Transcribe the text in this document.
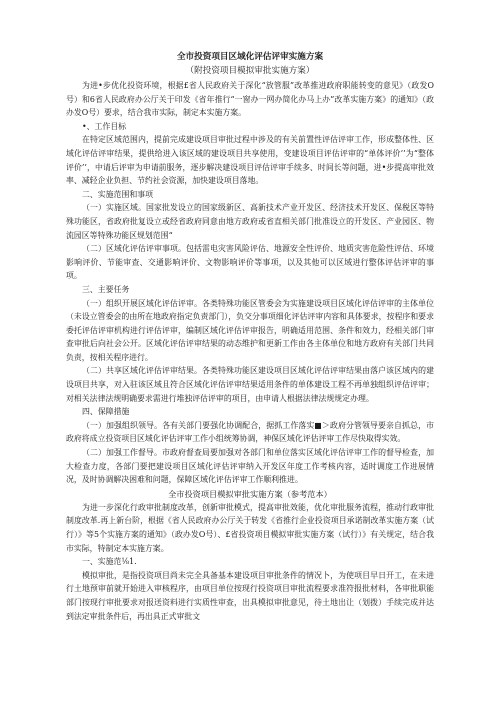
全市投资项目区域化评估评审实施方案
（附投资项目模拟审批实施方案）

为进•步优化投资环境，根据£省人民政府关于深化“放管服”改革推进政府职能转变的意见》（政发O号）和6省人民政府办公厅关于印发《省年推行“一窗办一网办简化办马上办”改革实施方案》的通知》（政办发O号）要求，结合我市实际，制定本实施方案。

•、工作目标

在特定区域范围内，提前完成建设项目审批过程中涉及的有关前置性评估评审工作，形成整体性、区域化评估评审结果，提供给进入该区域的建设项目共享使用，变建设项目评估评审的“单体评价’’为“整体评价’’，中请后评审为申请前服务，逐步解决建设项目评估评审手续多、时间长等问题，进•步提高审批效率、减轻企业负担、节约社会资源，加快建设项目落地。

二、实施范围和事项

（一）实施区域。国家批发设立的国家级新区、高新技术产业开发区、经济技术开发区、保税区等特殊功能区，省政府批复设立或经省政府同意由地方政府或省直相关部门批准设立的开发区、产业园区、物流园区等特殊功能区规划范围“

（二）区域化评估评审事项。包括雷电灾害风险评估、地源安全性评价、地质灾害危险性评估、环境影响评价、节能审查、交通影响评价、文物影响评价等事项，以及其他可以区域进行整体评估评审的事项。

三、主要任务

（一）组织开展区域化评估评审。各类特殊功能区管委会为实施建设项目区域化评估评审的主体单位（未设立管委会的由所在地政府指定负责部门），负交分事项细化评估评审内容和具体要求，按程序和要求委托评估评审机构进行评估评审，编制区域化评估评审报告，明确适用范围、条件和效力，经相关部门审查审批后向社会公开。区域化评估评审结果的动态维护和更新工作由各主体单位和地方政府有关部门共同负责，按相关程序进行。

（二）共享区域化评估评审结果。各类特殊功能区建设项目区域化评估评审结果由落户该区域内的建设项目共享，对入驻该区域且符合区域化评估评审结果适用条件的单体建设工程不再单独组织评估评审；对相关法律法规明确要求需进行堆独评估评审的项目，由申请人根据法律法规规定办理。

四、保障措施

（一）加强组织领导。各有关部门要强化协调配合，据抓工作落实■＞政府分管领导要亲自抓总，市政府将成立投资项目区域化评估评审工作小组统筹协调，神保区域化评估评审工作尽快取得实效。

（二）加强工作督导。市政府督查局要加强对各部门和单位落实区域化评估评审工作的督导检查，加大检查力度，各部门要把建设项目区域化评估评审纳入开发区年度工作考核内容，适时调度工作进展情况，及时协调解决困难和问题，保障区域化评估评审工作顺利推进。

全市投资项目模拟审批实施方案（参考范本）

为进一步深化行政审批制度改革，创新审批模式，提高审批效能，优化审批服务流程，推动行政审批制度改革.再上新台阶，根据《省人民政府办公厅关于转发《省推行企业投资项目承诺制改革实施方案（试行）》等5个实施方案的通知》（政办发O号）、£省投资项目模拟审批实施方案（试行）》有关规定，结合我市实际，特制定本实施方案。

一、实施范⅛1.

模拟审批，是指投资项目尚未完全具备基本建设项目审批条件的情况卜，为使项目早日开工，在未进行土地预审前就开始进入审核程序，由项目单位按现行投资项目审批流程要求准符报批材料，各审批职能部门按现行审批要求对报送资料进行实质性审查，出具模拟审批意见，待土地出让（划拨）手续完成并达到法定审批条件后，再出具正式审批文
